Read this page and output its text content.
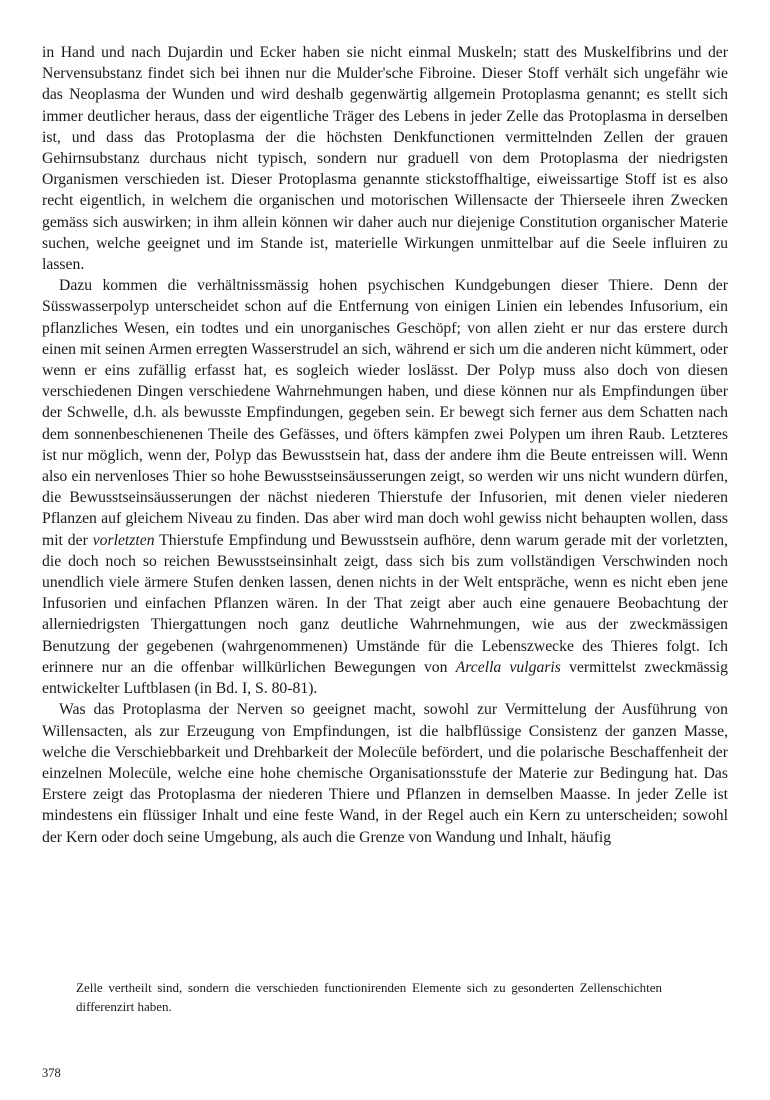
in Hand und nach Dujardin und Ecker haben sie nicht einmal Muskeln; statt des Muskelfibrins und der Nervensubstanz findet sich bei ihnen nur die Mulder'sche Fibroine. Dieser Stoff verhält sich ungefähr wie das Neoplasma der Wunden und wird deshalb gegenwärtig allgemein Protoplasma genannt; es stellt sich immer deutlicher heraus, dass der eigentliche Träger des Lebens in jeder Zelle das Protoplasma in derselben ist, und dass das Protoplasma der die höchsten Denkfunctionen vermittelnden Zellen der grauen Gehirnsubstanz durchaus nicht typisch, sondern nur graduell von dem Protoplasma der niedrigsten Organismen verschieden ist. Dieser Protoplasma genannte stickstoffhaltige, eiweissartige Stoff ist es also recht eigentlich, in welchem die organischen und motorischen Willensacte der Thierseele ihren Zwecken gemäss sich auswirken; in ihm allein können wir daher auch nur diejenige Constitution organischer Materie suchen, welche geeignet und im Stande ist, materielle Wirkungen unmittelbar auf die Seele influiren zu lassen.

Dazu kommen die verhältnissmässig hohen psychischen Kundgebungen dieser Thiere. Denn der Süsswasserpolyp unterscheidet schon auf die Entfernung von einigen Linien ein lebendes Infusorium, ein pflanzliches Wesen, ein todtes und ein unorganisches Geschöpf; von allen zieht er nur das erstere durch einen mit seinen Armen erregten Wasserstrudel an sich, während er sich um die anderen nicht kümmert, oder wenn er eins zufällig erfasst hat, es sogleich wieder loslässt. Der Polyp muss also doch von diesen verschiedenen Dingen verschiedene Wahrnehmungen haben, und diese können nur als Empfindungen über der Schwelle, d.h. als bewusste Empfindungen, gegeben sein. Er bewegt sich ferner aus dem Schatten nach dem sonnenbeschienenen Theile des Gefässes, und öfters kämpfen zwei Polypen um ihren Raub. Letzteres ist nur möglich, wenn der, Polyp das Bewusstsein hat, dass der andere ihm die Beute entreissen will. Wenn also ein nervenloses Thier so hohe Bewusstseinsäusserungen zeigt, so werden wir uns nicht wundern dürfen, die Bewusstseinsäusserungen der nächst niederen Thierstufe der Infusorien, mit denen vieler niederen Pflanzen auf gleichem Niveau zu finden. Das aber wird man doch wohl gewiss nicht behaupten wollen, dass mit der vorletzten Thierstufe Empfindung und Bewusstsein aufhöre, denn warum gerade mit der vorletzten, die doch noch so reichen Bewusstseinsinhalt zeigt, dass sich bis zum vollständigen Verschwinden noch unendlich viele ärmere Stufen denken lassen, denen nichts in der Welt entspräche, wenn es nicht eben jene Infusorien und einfachen Pflanzen wären. In der That zeigt aber auch eine genauere Beobachtung der allerniedrigsten Thiergattungen noch ganz deutliche Wahrnehmungen, wie aus der zweckmässigen Benutzung der gegebenen (wahrgenommenen) Umstände für die Lebenszwecke des Thieres folgt. Ich erinnere nur an die offenbar willkürlichen Bewegungen von Arcella vulgaris vermittelst zweckmässig entwickelter Luftblasen (in Bd. I, S. 80-81).

Was das Protoplasma der Nerven so geeignet macht, sowohl zur Vermittelung der Ausführung von Willensacten, als zur Erzeugung von Empfindungen, ist die halbflüssige Consistenz der ganzen Masse, welche die Verschiebbarkeit und Drehbarkeit der Molecüle befördert, und die polarische Beschaffenheit der einzelnen Molecüle, welche eine hohe chemische Organisationsstufe der Materie zur Bedingung hat. Das Erstere zeigt das Protoplasma der niederen Thiere und Pflanzen in demselben Maasse. In jeder Zelle ist mindestens ein flüssiger Inhalt und eine feste Wand, in der Regel auch ein Kern zu unterscheiden; sowohl der Kern oder doch seine Umgebung, als auch die Grenze von Wandung und Inhalt, häufig

Zelle vertheilt sind, sondern die verschieden functionirenden Elemente sich zu gesonderten Zellenschichten differenzirt haben.
378
